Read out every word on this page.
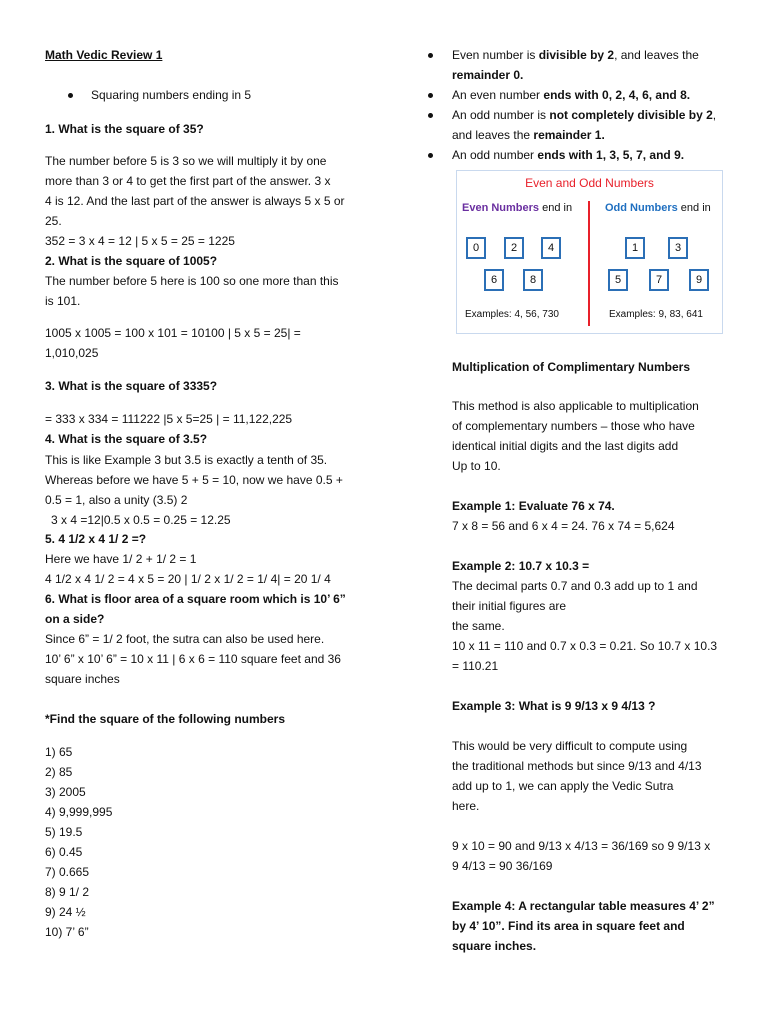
Math Vedic Review 1
Squaring numbers ending in 5
1. What is the square of 35?
The number before 5 is 3 so we will multiply it by one
more than 3 or 4 to get the first part of the answer. 3 x
4 is 12. And the last part of the answer is always 5 x 5 or
25.
352 = 3 x 4 = 12 | 5 x 5 = 25 = 1225
2. What is the square of 1005?
The number before 5 here is 100 so one more than this
is 101.
1005 x 1005 = 100 x 101 = 10100 | 5 x 5 = 25| =
1,010,025
3. What is the square of 3335?
= 333 x 334 = 111222 |5 x 5=25 | = 11,122,225
4. What is the square of 3.5?
This is like Example 3 but 3.5 is exactly a tenth of 35.
Whereas before we have 5 + 5 = 10, now we have 0.5 +
0.5 = 1, also a unity (3.5) 2
3 x 4 =12|0.5 x 0.5 = 0.25 = 12.25
5. 4 1/2 x 4 1/ 2 =?
Here we have 1/ 2 + 1/ 2 = 1
4 1/2 x 4 1/ 2 = 4 x 5 = 20 | 1/ 2 x 1/ 2 = 1/ 4| = 20 1/ 4
6. What is floor area of a square room which is 10’ 6”
on a side?
Since 6” = 1/ 2 foot, the sutra can also be used here.
10’ 6” x 10’ 6” = 10 x 11 | 6 x 6 = 110 square feet and 36
square inches
*Find the square of the following numbers
1) 65
2) 85
3) 2005
4) 9,999,995
5) 19.5
6) 0.45
7) 0.665
8) 9 1/ 2
9) 24 ½
10) 7’ 6”
Even number is divisible by 2, and leaves the
remainder 0.
An even number ends with 0, 2, 4, 6, and 8.
An odd number is not completely divisible by 2,
and leaves the remainder 1.
An odd number ends with 1, 3, 5, 7, and 9.
Even and Odd Numbers
Even Numbers end in	Odd Numbers end in
0	2	4
6	8
1	3
5	7	9
Examples: 4, 56, 730	Examples: 9, 83, 641
Multiplication of Complimentary Numbers
This method is also applicable to multiplication
of complementary numbers – those who have
identical initial digits and the last digits add
Up to 10.
Example 1: Evaluate 76 x 74.
7 x 8 = 56 and 6 x 4 = 24. 76 x 74 = 5,624
Example 2: 10.7 x 10.3 =
The decimal parts 0.7 and 0.3 add up to 1 and
their initial figures are
the same.
10 x 11 = 110 and 0.7 x 0.3 = 0.21. So 10.7 x 10.3
= 110.21
Example 3: What is 9 9/13 x 9 4/13 ?
This would be very difficult to compute using
the traditional methods but since 9/13 and 4/13
add up to 1, we can apply the Vedic Sutra
here.
9 x 10 = 90 and 9/13 x 4/13 = 36/169 so 9 9/13 x
9 4/13 = 90 36/169
Example 4: A rectangular table measures 4’ 2”
by 4’ 10”. Find its area in square feet and
square inches.
